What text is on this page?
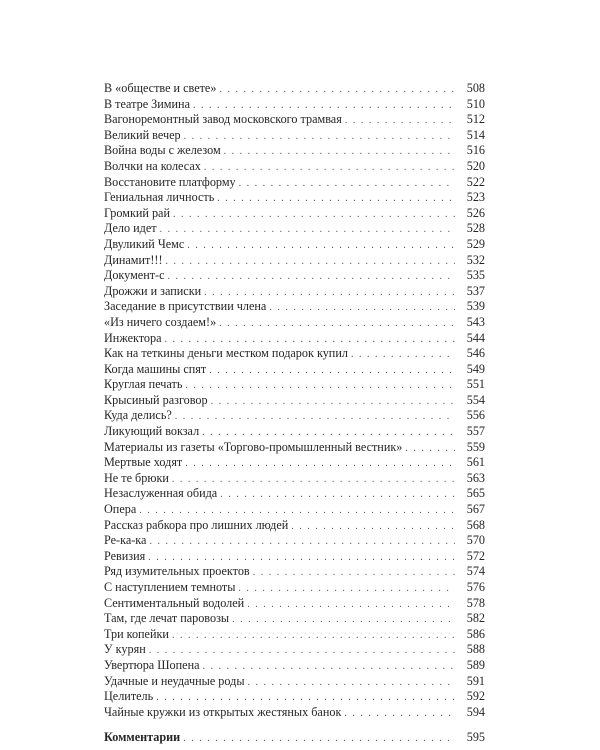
В «обществе и свете» . . .	508
В театре Зимина . . .	510
Вагоноремонтный завод московского трамвая . . .	512
Великий вечер . . .	514
Война воды с железом . . .	516
Волчки на колесах . . .	520
Восстановите платформу . . .	522
Гениальная личность . . .	523
Громкий рай . . .	526
Дело идет . . .	528
Двуликий Чемс . . .	529
Динамит!!! . . .	532
Документ-с . . .	535
Дрожжи и записки . . .	537
Заседание в присутствии члена . . .	539
«Из ничего создаем!» . . .	543
Инжектора . . .	544
Как на теткины деньги местком подарок купил . . .	546
Когда машины спят . . .	549
Круглая печать . . .	551
Крысиный разговор . . .	554
Куда делись? . . .	556
Ликующий вокзал . . .	557
Материалы из газеты «Торгово-промышленный вестник» . . .	559
Мертвые ходят . . .	561
Не те брюки . . .	563
Незаслуженная обида . . .	565
Опера . . .	567
Рассказ рабкора про лишних людей . . .	568
Ре-ка-ка . . .	570
Ревизия . . .	572
Ряд изумительных проектов . . .	574
С наступлением темноты . . .	576
Сентиментальный водолей . . .	578
Там, где лечат паровозы . . .	582
Три копейки . . .	586
У курян . . .	588
Увертюра Шопена . . .	589
Удачные и неудачные роды . . .	591
Целитель . . .	592
Чайные кружки из открытых жестяных банок . . .	594
Комментарии . . .	595
